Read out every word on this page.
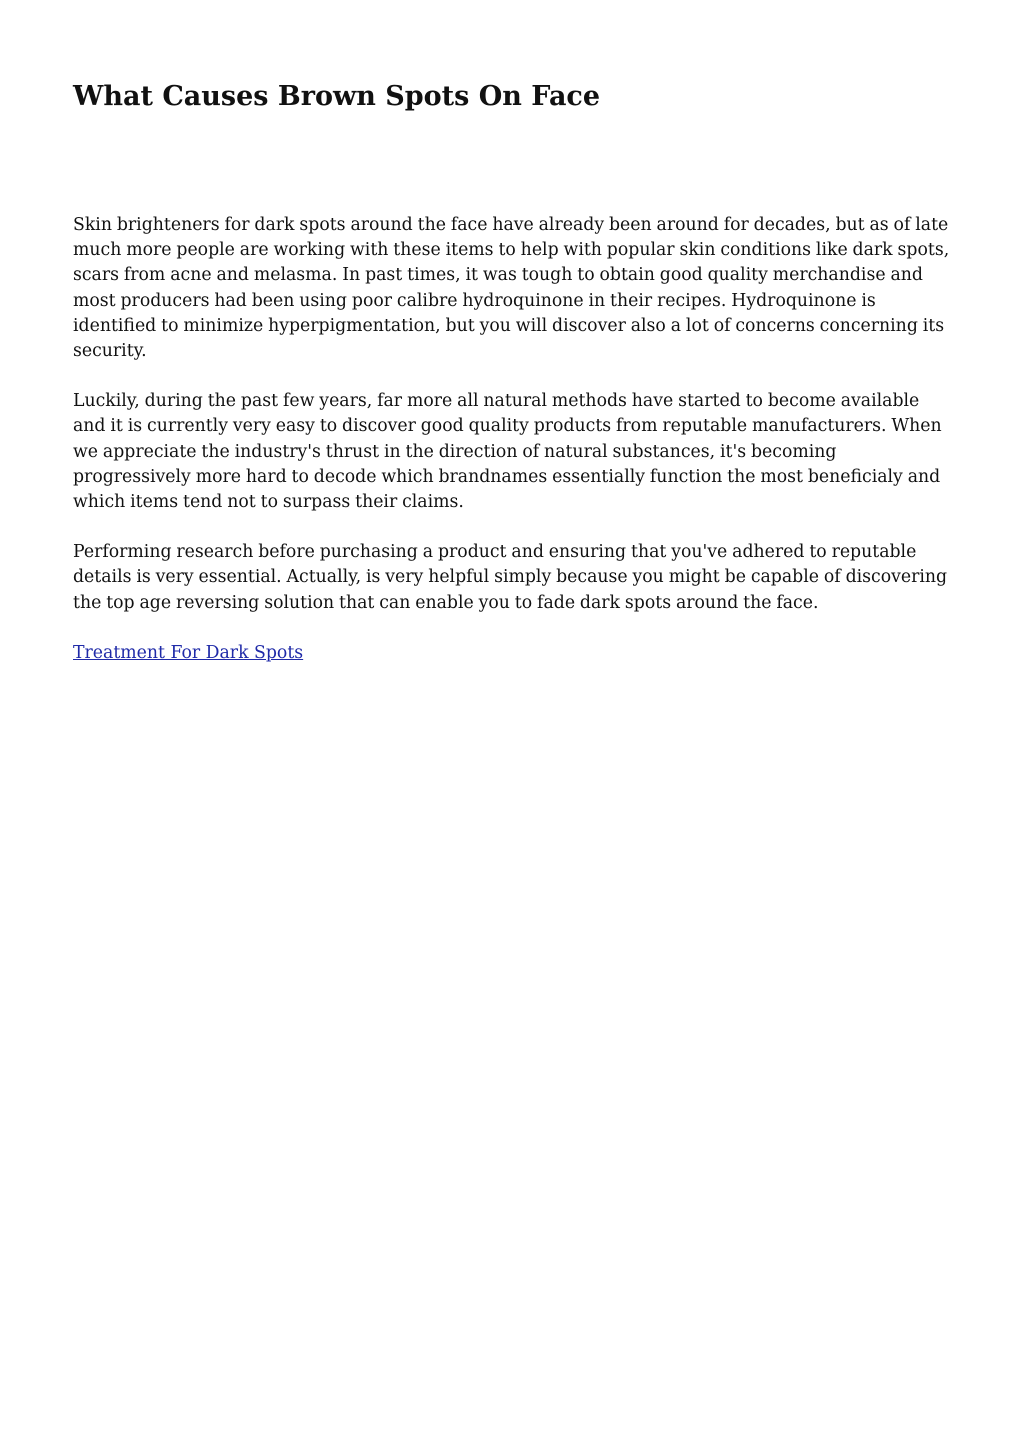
What Causes Brown Spots On Face

Skin brighteners for dark spots around the face have already been around for decades, but as of late much more people are working with these items to help with popular skin conditions like dark spots, scars from acne and melasma. In past times, it was tough to obtain good quality merchandise and most producers had been using poor calibre hydroquinone in their recipes. Hydroquinone is identified to minimize hyperpigmentation, but you will discover also a lot of concerns concerning its security.

Luckily, during the past few years, far more all natural methods have started to become available and it is currently very easy to discover good quality products from reputable manufacturers. When we appreciate the industry's thrust in the direction of natural substances, it's becoming progressively more hard to decode which brandnames essentially function the most beneficialy and which items tend not to surpass their claims.

Performing research before purchasing a product and ensuring that you've adhered to reputable details is very essential. Actually, is very helpful simply because you might be capable of discovering the top age reversing solution that can enable you to fade dark spots around the face.

Treatment For Dark Spots
